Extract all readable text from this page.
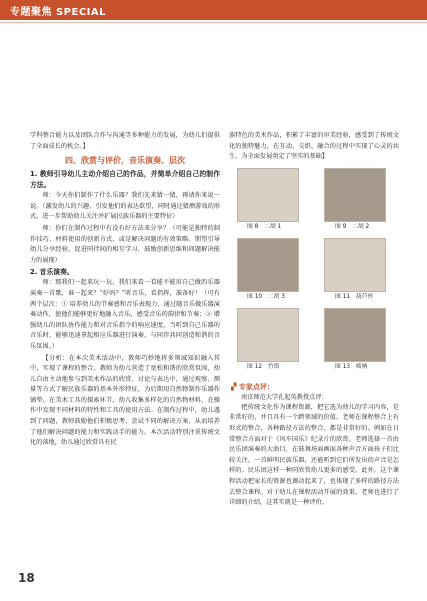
专题聚焦 SPECIAL

学科整合能力以及团队合作与沟通等多种能力的发展，为幼儿们提供了全面成长的机会。】

四、欣赏与评价，音乐演奏、层次

1. 教师引导幼儿主动介绍自己的作品，并简单介绍自己的制作方法。

师：今天你们制作了什么乐器？我们先来猜一猜，再请你来说一说。（激发幼儿的兴趣，引发他们的表达欲望，同时通过猜测游戏的形式，进一步帮助幼儿关注并扩展民族乐器的主要特征）

师：你们在制作过程中有没有好方法来分享？（可能是独特的制作技巧、材料使用的创新方式、或是解决问题的有效策略。期望引导幼儿分享经验，促进同伴间的相互学习，鼓励创新思维和问题解决能力的展现）

2. 音乐演奏。

师：那我们一起来玩一玩，我们来看一看能不能用自己做的乐器演奏一首歌，谁一起来？“好吗？”听音乐，看指挥，准备好！（可有两个层次：① 培养幼儿的节奏感和音乐表现力，通过随音乐做乐器演奏动作，使他们能够更好地融入音乐，感受音乐的韵律和节奏；② 增强幼儿的团队协作能力和对音乐指令的响应速度，当听到自己乐器的音乐时，能够迅速拿起相应乐器进行演奏，与同伴共同创造和谐的音乐氛围。）

【分析：在本次美术活动中，教师巧妙地将多领域知识融入其中，实现了课程的整合。教师为幼儿营造了宽松和谐的欣赏氛围，幼儿自由主动地参与到美术作品的欣赏、讨论与表达中，通过观察、测量等方式了解民族乐器的基本外形特征，为后期用自然物制作乐器作铺垫。在美术工具的探索环节，幼儿收集多样化的自然物材料，在操作中发现不同材料的特性和工具的使用方法。在制作过程中，幼儿遇到了问题，教师鼓励他们积极思考、尝试不同的解决方案，从而培养了他们解决问题的能力和实践动手的能力。本次活动特别注重传统文化的落地，幼儿通过欣赏具有民

族特色的美术作品，积累了丰富的审美经验，感受到了传统文化的独特魅力，在互动、交织、融合的过程中实现了心灵的共生，为全面发展奠定了坚实的基础】

图 8　二胡 1	图 9　二胡 2
图 10　二胡 3	图 11　葫芦丝
图 12　竹笛	图 13　唢呐
▞ 专家点评：

南京师范大学孔起英教授点评：

把传统文化作为课程资源，把它选为幼儿的学习内容，是非常好的，并且具有一个跨领域的价值。老师在课程整合上有形式的整合，各种路径方法的整合，都是非常好的。例如在日常整合方面对于《风车国乐》纪录片的欣赏。老师选择一首由民乐团演奏的大曲目，在鼓舞场面画面各种声音方面孩子们比较关注，一首鲜明民族乐器，还能听到它们所发出的声音是怎样的。民乐团这样一种同欣赏幼儿更多的感受。此外，这个课程活动把家长的资源也调动起来了，也体现了多样的路径方法去整合课程。对于幼儿在课程活动开展的效果，老师也进行了详细的介绍，这其实就是一种评价。

18
